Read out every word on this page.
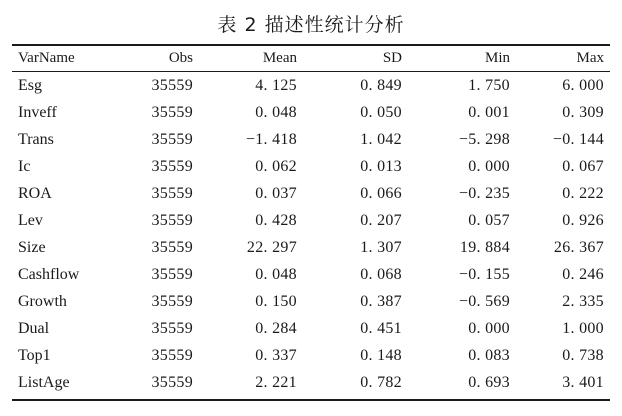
表 2 描述性统计分析
VarName	Obs	Mean	SD	Min	Max
Esg	35559	4. 125	0. 849	1. 750	6. 000
Inveff	35559	0. 048	0. 050	0. 001	0. 309
Trans	35559	−1. 418	1. 042	−5. 298	−0. 144
Ic	35559	0. 062	0. 013	0. 000	0. 067
ROA	35559	0. 037	0. 066	−0. 235	0. 222
Lev	35559	0. 428	0. 207	0. 057	0. 926
Size	35559	22. 297	1. 307	19. 884	26. 367
Cashflow	35559	0. 048	0. 068	−0. 155	0. 246
Growth	35559	0. 150	0. 387	−0. 569	2. 335
Dual	35559	0. 284	0. 451	0. 000	1. 000
Top1	35559	0. 337	0. 148	0. 083	0. 738
ListAge	35559	2. 221	0. 782	0. 693	3. 401
